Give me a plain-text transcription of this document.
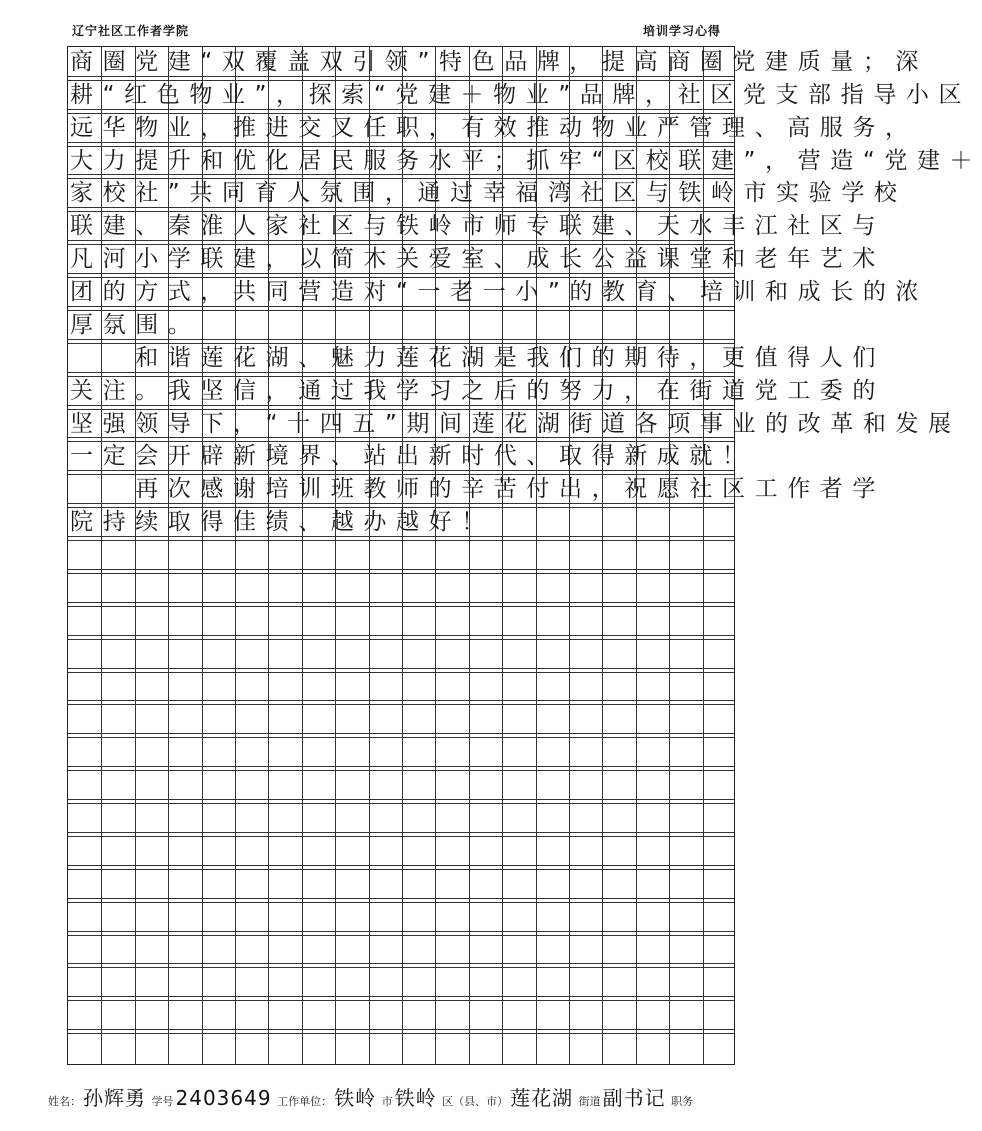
辽宁社区工作者学院	培训学习心得
商圈党建“双覆盖双引领”特色品牌，提高商圈党建质量；深
耕“红色物业”，探索“党建＋物业”品牌，社区党支部指导小区
远华物业，推进交叉任职，有效推动物业严管理、高服务，
大力提升和优化居民服务水平；抓牢“区校联建”，营造“党建＋
家校社”共同育人氛围，通过幸福湾社区与铁岭市实验学校
联建、秦淮人家社区与铁岭市师专联建、天水丰江社区与
凡河小学联建，以简木关爱室、成长公益课堂和老年艺术
团的方式，共同营造对“一老一小”的教育、培训和成长的浓
厚氛围。
　　和谐莲花湖、魅力莲花湖是我们的期待，更值得人们
关注。我坚信，通过我学习之后的努力，在街道党工委的
坚强领导下，“十四五”期间莲花湖街道各项事业的改革和发展
一定会开辟新境界、站出新时代、取得新成就！
　　再次感谢培训班教师的辛苦付出，祝愿社区工作者学
院持续取得佳绩、越办越好！
姓名： 孙辉勇 学号 2403649 工作单位： 铁岭 市 铁岭 区（县、市） 莲花湖 街道 副书记 职务
